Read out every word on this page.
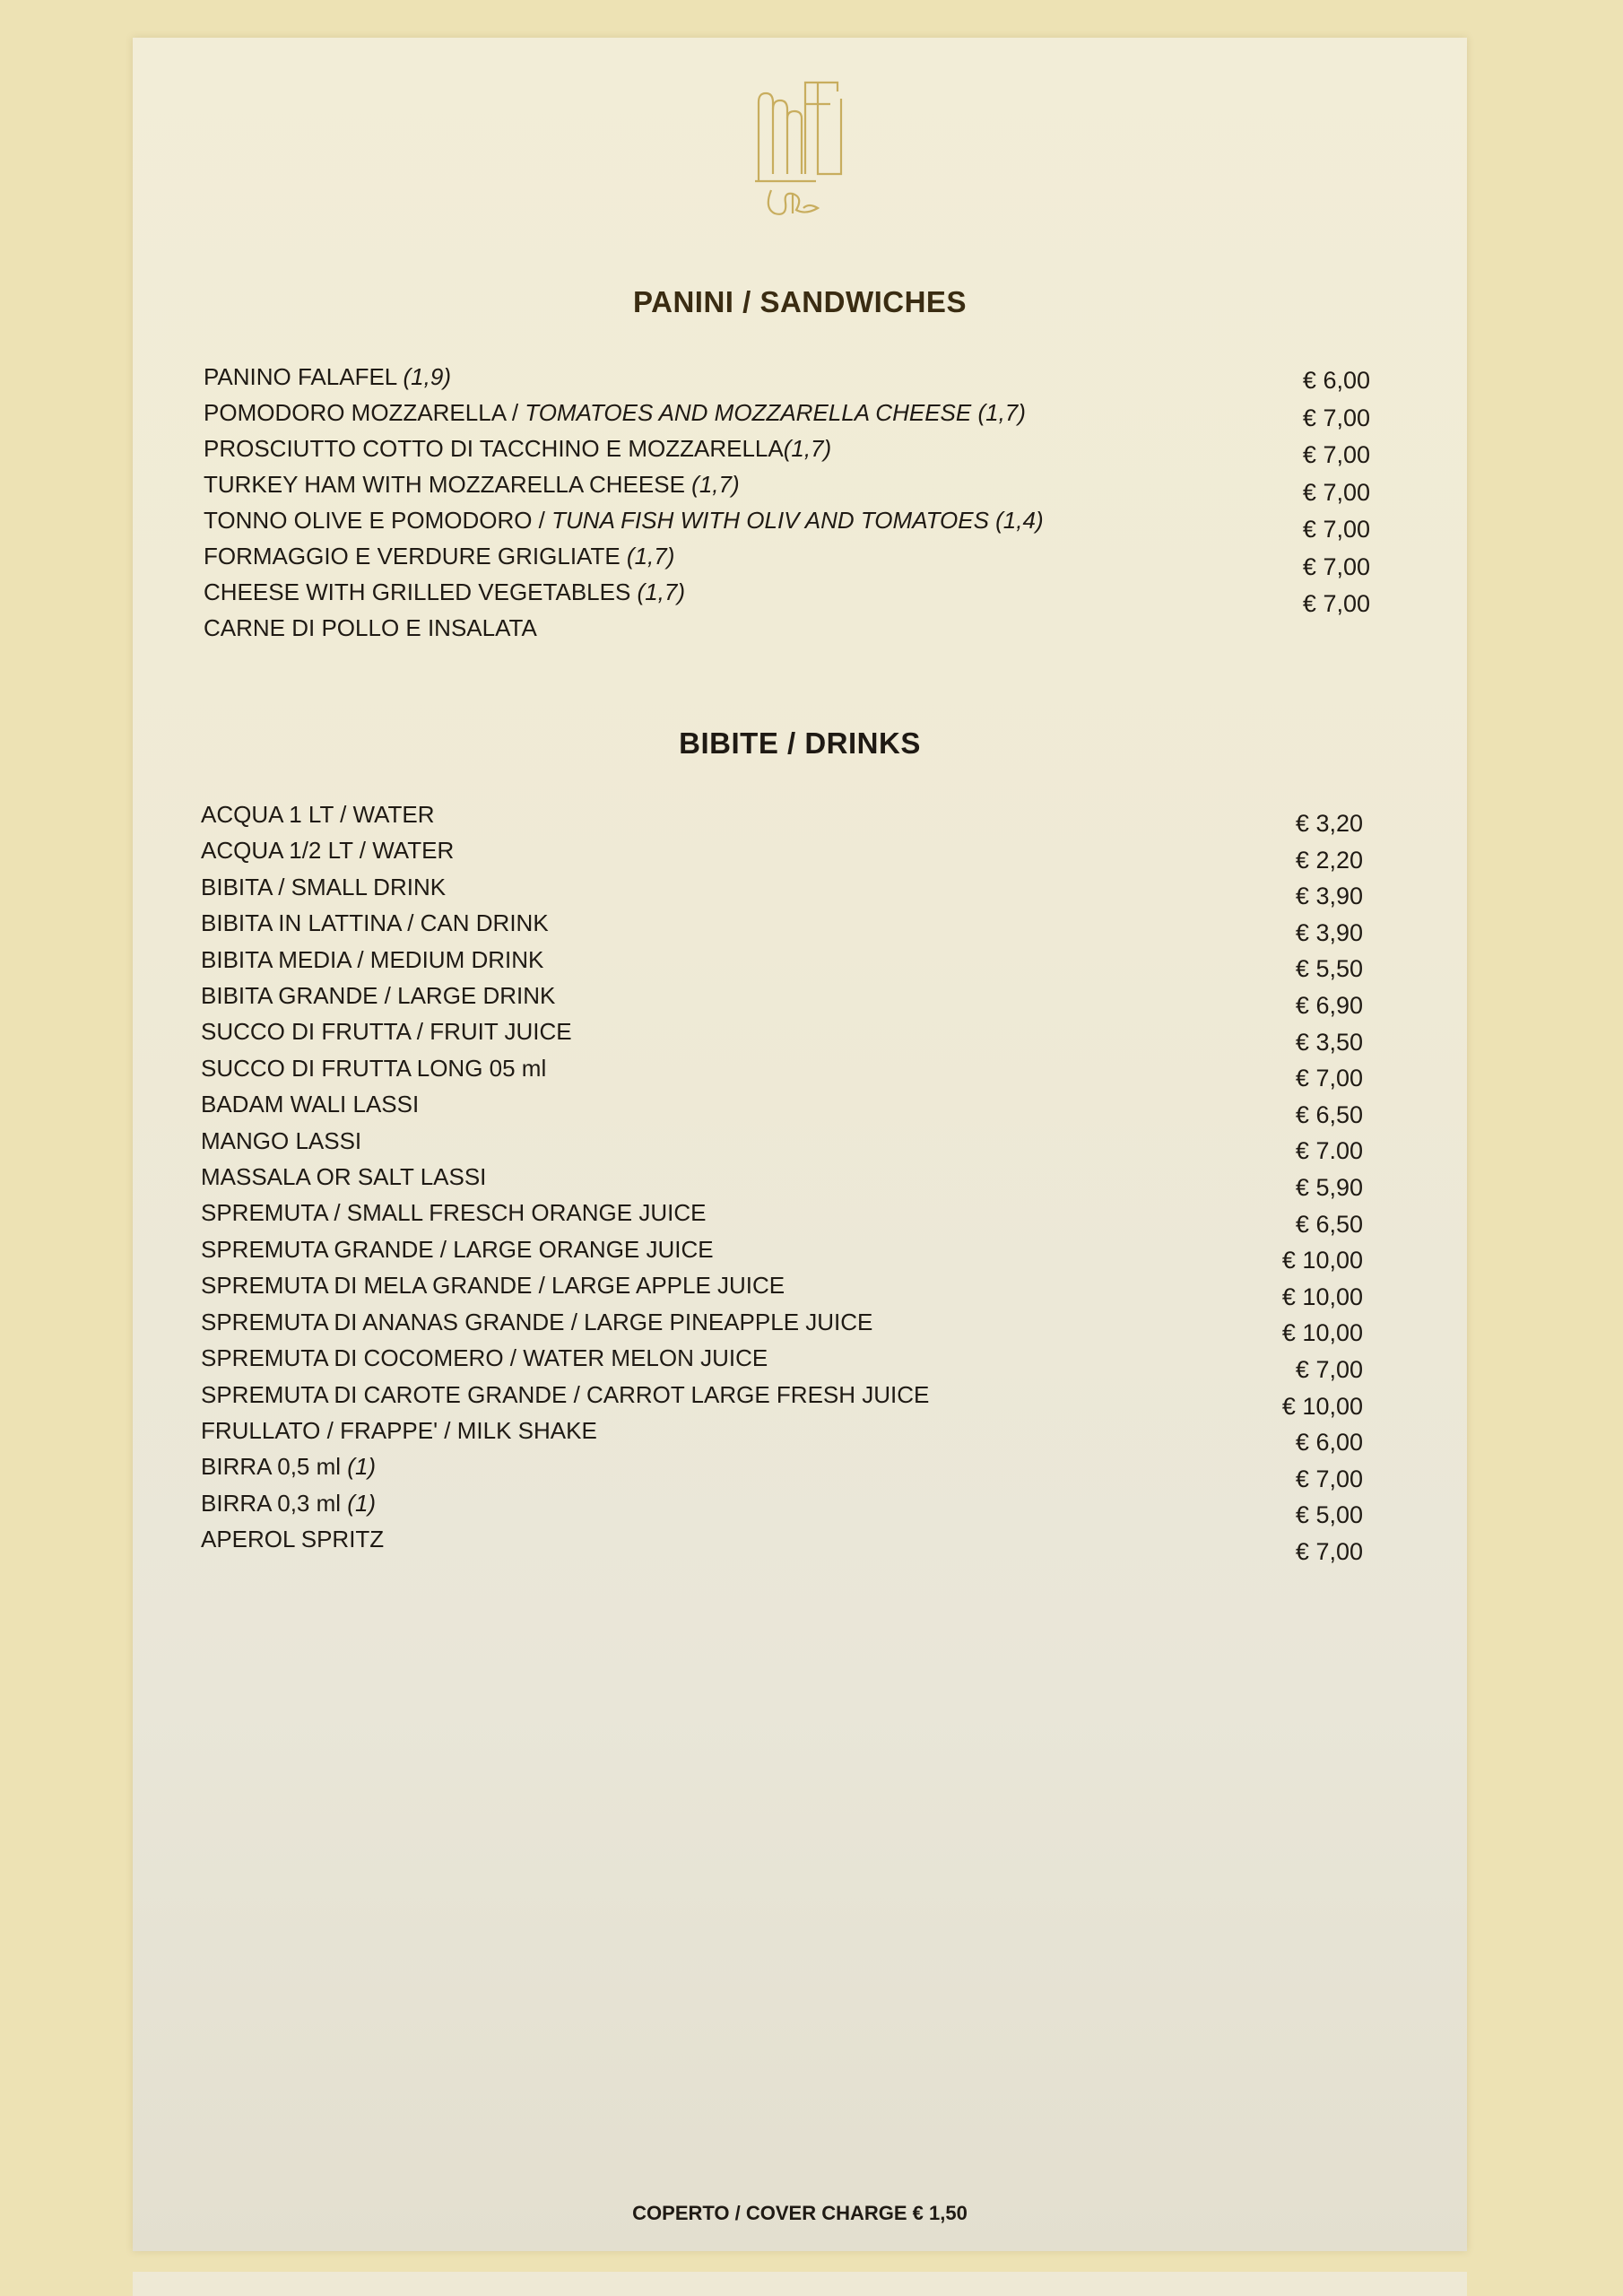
PANINI / SANDWICHES
PANINO FALAFEL (1,9)
POMODORO MOZZARELLA / TOMATOES AND MOZZARELLA CHEESE (1,7)
PROSCIUTTO COTTO DI TACCHINO E MOZZARELLA(1,7)
TURKEY HAM WITH MOZZARELLA CHEESE (1,7)
TONNO OLIVE E POMODORO / TUNA FISH WITH OLIV AND TOMATOES (1,4)
FORMAGGIO E VERDURE GRIGLIATE (1,7)
CHEESE WITH GRILLED VEGETABLES (1,7)
CARNE DI POLLO E INSALATA
€ 6,00
€ 7,00
€ 7,00
€ 7,00
€ 7,00
€ 7,00
€ 7,00
BIBITE / DRINKS
ACQUA 1 LT / WATER
ACQUA 1/2 LT / WATER
BIBITA / SMALL DRINK
BIBITA IN LATTINA / CAN DRINK
BIBITA MEDIA / MEDIUM DRINK
BIBITA GRANDE / LARGE DRINK
SUCCO DI FRUTTA / FRUIT JUICE
SUCCO DI FRUTTA LONG 05 ml
BADAM WALI LASSI
MANGO LASSI
MASSALA OR SALT LASSI
SPREMUTA / SMALL FRESCH ORANGE JUICE
SPREMUTA GRANDE / LARGE ORANGE JUICE
SPREMUTA DI MELA GRANDE / LARGE APPLE JUICE
SPREMUTA DI ANANAS GRANDE / LARGE PINEAPPLE JUICE
SPREMUTA DI COCOMERO / WATER MELON JUICE
SPREMUTA DI CAROTE GRANDE / CARROT LARGE FRESH JUICE
FRULLATO / FRAPPE' / MILK SHAKE
BIRRA 0,5 ml (1)
BIRRA 0,3 ml (1)
APEROL SPRITZ
€ 3,20
€ 2,20
€ 3,90
€ 3,90
€ 5,50
€ 6,90
€ 3,50
€ 7,00
€ 6,50
€ 7.00
€ 5,90
€ 6,50
€ 10,00
€ 10,00
€ 10,00
€ 7,00
€ 10,00
€ 6,00
€ 7,00
€ 5,00
€ 7,00
COPERTO / COVER CHARGE € 1,50
